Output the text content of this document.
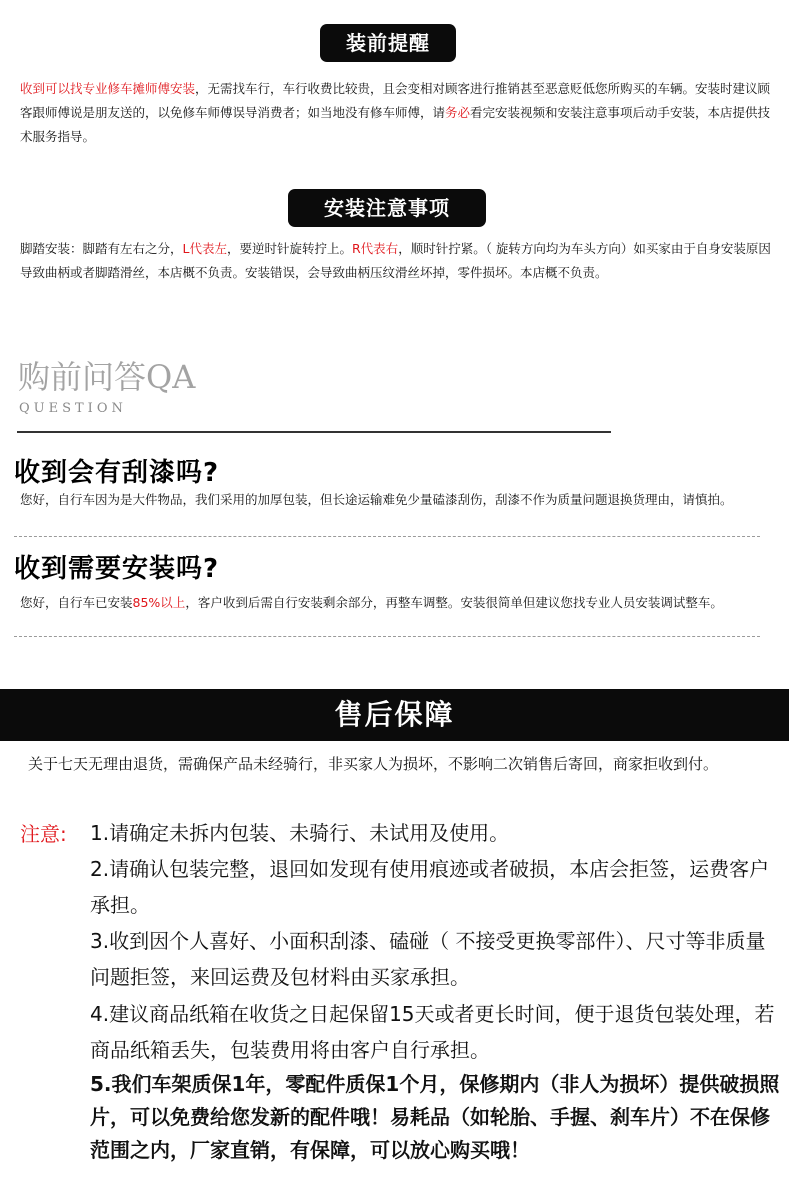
装前提醒
收到可以找专业修车摊师傅安装，无需找车行，车行收费比较贵，且会变相对顾客进行推销甚至恶意贬低您所购买的车辆。安装时建议顾客跟师傅说是朋友送的，以免修车师傅误导消费者；如当地没有修车师傅，请务必看完安装视频和安装注意事项后动手安装，本店提供技术服务指导。
安装注意事项
脚踏安装：脚踏有左右之分，L代表左，要逆时针旋转拧上。R代表右，顺时针拧紧。（ 旋转方向均为车头方向）如买家由于自身安装原因导致曲柄或者脚踏滑丝，本店概不负责。安装错误，会导致曲柄压纹滑丝坏掉，零件损坏。本店概不负责。
购前问答QA
QUESTION
收到会有刮漆吗?
您好，自行车因为是大件物品，我们采用的加厚包装，但长途运输难免少量磕漆刮伤，刮漆不作为质量问题退换货理由，请慎拍。
收到需要安装吗?
您好，自行车已安装85%以上，客户收到后需自行安装剩余部分，再整车调整。安装很简单但建议您找专业人员安装调试整车。
售后保障
关于七天无理由退货，需确保产品未经骑行，非买家人为损坏，不影响二次销售后寄回，商家拒收到付。
注意: 1.请确定未拆内包装、未骑行、未试用及使用。
2.请确认包装完整，退回如发现有使用痕迹或者破损，本店会拒签，运费客户承担。
3.收到因个人喜好、小面积刮漆、磕碰（ 不接受更换零部件）、尺寸等非质量问题拒签，来回运费及包材料由买家承担。
4.建议商品纸箱在收货之日起保留15天或者更长时间，便于退货包装处理，若商品纸箱丢失，包装费用将由客户自行承担。
5.我们车架质保1年，零配件质保1个月，保修期内（非人为损坏）提供破损照片，可以免费给您发新的配件哦！易耗品（如轮胎、手握、刹车片）不在保修范围之内，厂家直销，有保障，可以放心购买哦！
